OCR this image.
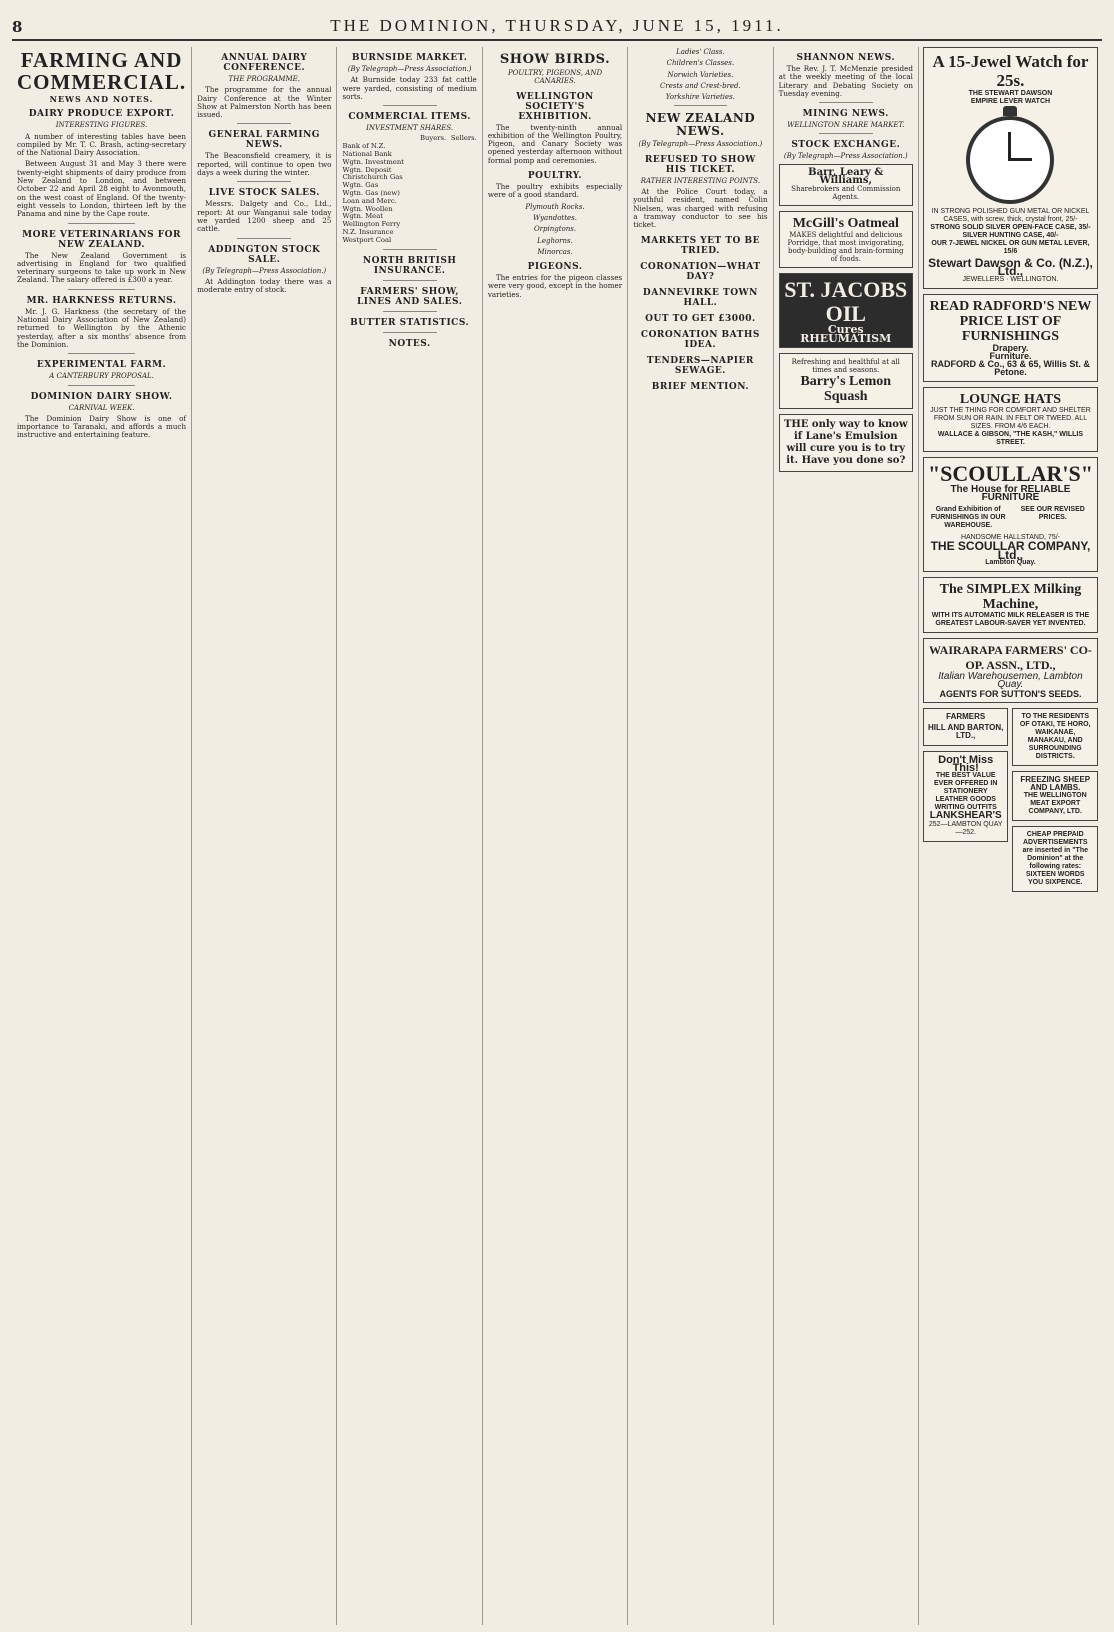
8	THE DOMINION, THURSDAY, JUNE 15, 1911.
FARMING AND COMMERCIAL.
NEWS AND NOTES.
DAIRY PRODUCE EXPORT.
INTERESTING FIGURES.

A number of interesting tables have been compiled by Mr. T. C. Brash, acting-secretary of the National Dairy Association.

Between August 31 and May 3 there were twenty-eight shipments of dairy produce from New Zealand to London, and between October 22 and April 28 eight to Avonmouth, on the west coast of England. Of the twenty-eight vessels to London, thirteen left by the Panama and nine by the Cape route.

MORE VETERINARIANS FOR NEW ZEALAND.

The New Zealand Government is advertising in England for two qualified veterinary surgeons to take up work in New Zealand. The salary offered is £300 a year.

MR. HARKNESS RETURNS.

Mr. J. G. Harkness (the secretary of the National Dairy Association of New Zealand) returned to Wellington by the Athenic yesterday, after a six months' absence from the Dominion.

EXPERIMENTAL FARM.
A CANTERBURY PROPOSAL.
DOMINION DAIRY SHOW.
CARNIVAL WEEK.

The Dominion Dairy Show is one of importance to Taranaki, and affords a much instructive and entertaining feature.

ANNUAL DAIRY CONFERENCE.
THE PROGRAMME.

The programme for the annual Dairy Conference at the Winter Show at Palmerston North has been issued.

GENERAL FARMING NEWS.

The Beaconsfield creamery, it is reported, will continue to open two days a week during the winter.

LIVE STOCK SALES.

Messrs. Dalgety and Co., Ltd., report: At our Wanganui sale today we yarded 1200 sheep and 25 cattle.

ADDINGTON STOCK SALE.
(By Telegraph—Press Association.)

At Addington today there was a moderate entry of stock.

BURNSIDE MARKET.
(By Telegraph—Press Association.)

At Burnside today 233 fat cattle were yarded, consisting of medium sorts.

COMMERCIAL ITEMS.
INVESTMENT SHARES.
	Buyers.	Sellers.
Bank of N.Z.		
National Bank		
Wgtn. Investment		
Wgtn. Deposit		
Christchurch Gas		
Wgtn. Gas		
Wgtn. Gas (new)		
Loan and Merc.		
Wgtn. Woollen		
Wgtn. Meat		
Wellington Ferry		
N.Z. Insurance		
Westport Coal		
NORTH BRITISH INSURANCE.
FARMERS' SHOW, LINES AND SALES.
BUTTER STATISTICS.
NOTES.
SHOW BIRDS.
POULTRY, PIGEONS, AND CANARIES.
WELLINGTON SOCIETY'S EXHIBITION.

The twenty-ninth annual exhibition of the Wellington Poultry, Pigeon, and Canary Society was opened yesterday afternoon without formal pomp and ceremonies.

POULTRY.

The poultry exhibits especially were of a good standard.

Plymouth Rocks.
Wyandottes.
Orpingtons.
Leghorns.
Minorcas.
PIGEONS.

The entries for the pigeon classes were very good, except in the homer varieties.

Ladies' Class.
Children's Classes.
Norwich Varieties.
Crests and Crest-bred.
Yorkshire Varieties.
NEW ZEALAND NEWS.
(By Telegraph—Press Association.)
REFUSED TO SHOW HIS TICKET.
RATHER INTERESTING POINTS.

At the Police Court today, a youthful resident, named Colin Nielsen, was charged with refusing a tramway conductor to see his ticket.

MARKETS YET TO BE TRIED.
CORONATION—WHAT DAY?
DANNEVIRKE TOWN HALL.
OUT TO GET £3000.
CORONATION BATHS IDEA.
TENDERS—NAPIER SEWAGE.
BRIEF MENTION.
SHANNON NEWS.

The Rev. J. T. McMenzie presided at the weekly meeting of the local Literary and Debating Society on Tuesday evening.

MINING NEWS.
WELLINGTON SHARE MARKET.
STOCK EXCHANGE.
(By Telegraph—Press Association.)
Barr, Leary & Williams,
Sharebrokers and Commission Agents.
McGill's Oatmeal
MAKES delightful and delicious Porridge, that most invigorating, body-building and brain-forming of foods.
ST. JACOBS OIL
Cures RHEUMATISM
Refreshing and healthful at all times and seasons.
Barry's Lemon Squash
THE only way to know if Lane's Emulsion will cure you is to try it. Have you done so?
A 15-Jewel Watch for 25s.
THE STEWART DAWSON
EMPIRE LEVER WATCH
IN STRONG POLISHED GUN METAL OR NICKEL CASES, with screw, thick, crystal front, 25/-
STRONG SOLID SILVER OPEN-FACE CASE, 35/-
SILVER HUNTING CASE, 40/-
OUR 7-JEWEL NICKEL OR GUN METAL LEVER, 15/6
Stewart Dawson & Co. (N.Z.), Ltd.,
JEWELLERS · WELLINGTON.
READ RADFORD'S NEW PRICE LIST OF FURNISHINGS
Drapery.
Furniture.
RADFORD & Co., 63 & 65, Willis St. & Petone.
LOUNGE HATS
JUST THE THING FOR COMFORT AND SHELTER FROM SUN OR RAIN. IN FELT OR TWEED. ALL SIZES. FROM 4/6 EACH.
WALLACE & GIBSON, "THE KASH," WILLIS STREET.
"SCOULLAR'S"
The House for RELIABLE FURNITURE
Grand Exhibition of FURNISHINGS IN OUR WAREHOUSE.
SEE OUR REVISED PRICES.
HANDSOME HALLSTAND, 75/-
THE SCOULLAR COMPANY, Ltd.,
Lambton Quay.
The SIMPLEX Milking Machine,
WITH ITS AUTOMATIC MILK RELEASER IS THE GREATEST LABOUR-SAVER YET INVENTED.
WAIRARAPA FARMERS' CO-OP. ASSN., LTD.,
Italian Warehousemen, Lambton Quay.
AGENTS FOR SUTTON'S SEEDS.
FARMERS
HILL AND BARTON, LTD.,
Don't Miss This!
THE BEST VALUE EVER OFFERED IN STATIONERY LEATHER GOODS WRITING OUTFITS
LANKSHEAR'S
252—LAMBTON QUAY—252.
TO THE RESIDENTS OF OTAKI, TE HORO, WAIKANAE, MANAKAU, AND SURROUNDING DISTRICTS.
FREEZING SHEEP AND LAMBS.
THE WELLINGTON MEAT EXPORT COMPANY, LTD.
CHEAP PREPAID ADVERTISEMENTS are inserted in "The Dominion" at the following rates: SIXTEEN WORDS YOU SIXPENCE.
